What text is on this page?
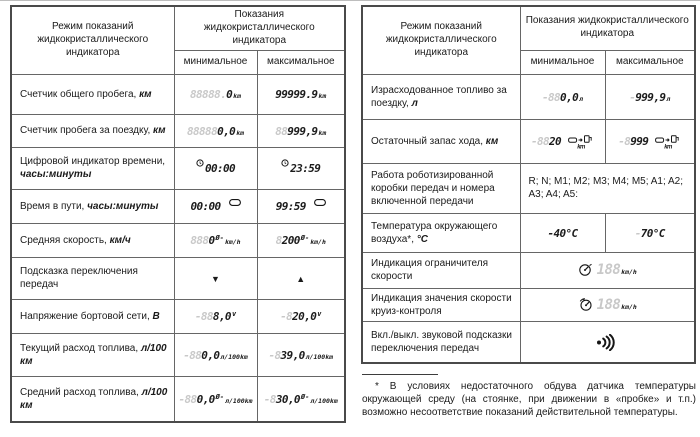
Режим показаний жидкокристаллического индикатора	Показания жидкокристаллического индикатора	
	минимальное	максимальное
Счетчик общего пробега, км	88888.0km	99999.9km
Счетчик пробега за поездку, км	888880,0km	88999,9km
Цифровой индикатор времени, часы:минуты	00:00	23:59
Время в пути, часы:минуты	00:00	99:59
Средняя скорость, км/ч	$8880^{Ø-}km/h$	$8200^{Ø-}km/h$
Подсказка переключения передач	▼	▲
Напряжение бортовой сети, В	-888,0$^v$	-820,0$^v$
Текущий расход топлива, л/100 км	-880,0л/100km	-839,0л/100km
Средний расход топлива, л/100 км	$-880,0^{Ø-}л/100km$	$-830,0^{Ø-}л/100km$
Режим показаний жидкокристаллического индикатора	Показания жидкокристаллического индикатора	
	минимальное	максимальное
Израсходованное топливо за поездку, л	-880,0л	-999,9л
Остаточный запас хода, км	-8820 km	-8999 km

Работа роботизированной коробки передач и номера включенной передачи	R; N; M1; M2; M3; M4; M5; A1; A2; A3; A4; A5:	
Температура окружающего воздуха*, °С	-40°C	-70°C
Индикация ограничителя скорости	188km/h	
Индикация значения скорости круиз-контроля	188km/h	
Вкл./выкл. звуковой подсказки переключения передач	

* В условиях недостаточного обдува датчика температуры окружающей среду (на стоянке, при движении в «пробке» и т.п.) возможно несоответствие показаний действительной температуры.
